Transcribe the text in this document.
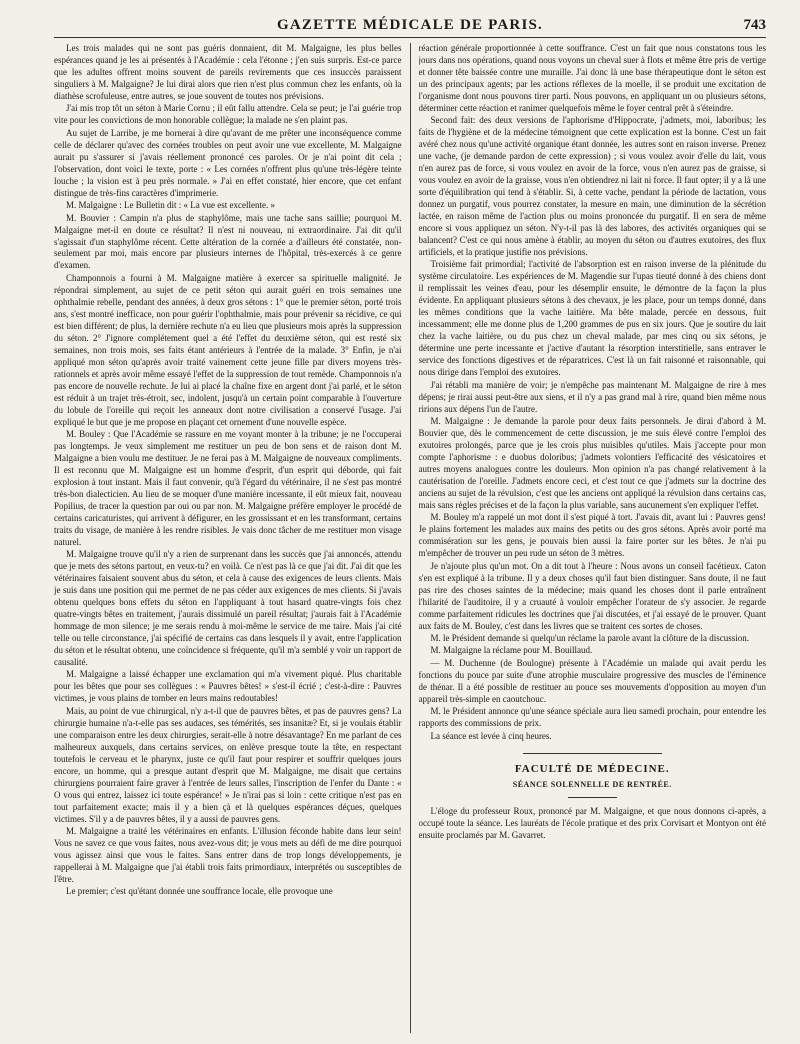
GAZETTE MÉDICALE DE PARIS.	743

Les trois malades qui ne sont pas guéris donnaient, dit M. Malgaigne, les plus belles espérances quand je les ai présentés à l'Académie : cela l'étonne ; j'en suis surpris. Est-ce parce que les adultes offrent moins souvent de pareils revirements que ces insuccès paraissent singuliers à M. Malgaigne? Je lui dirai alors que rien n'est plus commun chez les enfants, où la diathèse scrofuleuse, entre autres, se joue souvent de toutes nos prévisions.

J'ai mis trop tôt un séton à Marie Cornu ; il eût fallu attendre. Cela se peut; je l'ai guérie trop vite pour les convictions de mon honorable collègue; la malade ne s'en plaint pas.

Au sujet de Larribe, je me bornerai à dire qu'avant de me prêter une inconséquence comme celle de déclarer qu'avec des cornées troubles on peut avoir une vue excellente, M. Malgaigne aurait pu s'assurer si j'avais réellement prononcé ces paroles. Or je n'ai point dit cela ; l'observation, dont voici le texte, porte : « Les cornées n'offrent plus qu'une très-légère teinte louche ; la vision est à peu près normale. » J'ai en effet constaté, hier encore, que cet enfant distingue de très-fins caractères d'imprimerie.

M. Malgaigne : Le Bulletin dit : « La vue est excellente. »

M. Bouvier : Campin n'a plus de staphylôme, mais une tache sans saillie; pourquoi M. Malgaigne met-il en doute ce résultat? Il n'est ni nouveau, ni extraordinaire. J'ai dit qu'il s'agissait d'un staphylôme récent. Cette altération de la cornée a d'ailleurs été constatée, non-seulement par moi, mais encore par plusieurs internes de l'hôpital, très-exercés à ce genre d'examen.

Champonnois a fourni à M. Malgaigne matière à exercer sa spirituelle malignité. Je répondrai simplement, au sujet de ce petit séton qui aurait guéri en trois semaines une ophthalmie rebelle, pendant des années, à deux gros sétons : 1° que le premier séton, porté trois ans, s'est montré inefficace, non pour guérir l'ophthalmie, mais pour prévenir sa récidive, ce qui est bien différent; de plus, la dernière rechute n'a eu lieu que plusieurs mois après la suppression du séton. 2° J'ignore complétement quel a été l'effet du deuxième séton, qui est resté six semaines, non trois mois, ses faits étant antérieurs à l'entrée de la malade. 3° Enfin, je n'ai appliqué mon séton qu'après avoir traité vainement cette jeune fille par divers moyens très-rationnels et après avoir même essayé l'effet de la suppression de tout remède. Champonnois n'a pas encore de nouvelle rechute. Je lui ai placé la chaîne fixe en argent dont j'ai parlé, et le séton est réduit à un trajet très-étroit, sec, indolent, jusqu'à un certain point comparable à l'ouverture du lobule de l'oreille qui reçoit les anneaux dont notre civilisation a conservé l'usage. J'ai expliqué le but que je me propose en plaçant cet ornement d'une nouvelle espèce.

M. Bouley : Que l'Académie se rassure en me voyant monter à la tribune; je ne l'occuperai pas longtemps. Je veux simplement me restituer un peu de bon sens et de raison dont M. Malgaigne a bien voulu me destituer. Je ne ferai pas à M. Malgaigne de nouveaux compliments. Il est reconnu que M. Malgaigne est un homme d'esprit, d'un esprit qui déborde, qui fait explosion à tout instant. Mais il faut convenir, qu'à l'égard du vétérinaire, il ne s'est pas montré très-bon dialecticien. Au lieu de se moquer d'une manière incessante, il eût mieux fait, nouveau Popilius, de tracer la question par oui ou par non. M. Malgaigne préfère employer le procédé de certains caricaturistes, qui arrivent à défigurer, en les grossissant et en les transformant, certains traits du visage, de manière à les rendre risibles. Je vais donc tâcher de me restituer mon visage naturel.

M. Malgaigne trouve qu'il n'y a rien de surprenant dans les succès que j'ai annoncés, attendu que je mets des sétons partout, en veux-tu? en voilà. Ce n'est pas là ce que j'ai dit. J'ai dit que les vétérinaires faisaient souvent abus du séton, et cela à cause des exigences de leurs clients. Mais je suis dans une position qui me permet de ne pas céder aux exigences de mes clients. Si j'avais obtenu quelques bons effets du séton en l'appliquant à tout hasard quatre-vingts fois chez quatre-vingts bêtes en traitement, j'aurais dissimulé un pareil résultat; j'aurais fait à l'Académie hommage de mon silence; je me serais rendu à moi-même le service de me taire. Mais j'ai cité telle ou telle circonstance, j'ai spécifié de certains cas dans lesquels il y avait, entre l'application du séton et le résultat obtenu, une coïncidence si fréquente, qu'il m'a semblé y voir un rapport de causalité.

M. Malgaigne a laissé échapper une exclamation qui m'a vivement piqué. Plus charitable pour les bêtes que pour ses collègues : « Pauvres bêtes! » s'est-il écrié ; c'est-à-dire : Pauvres victimes, je vous plains de tomber en leurs mains redoutables!

Mais, au point de vue chirurgical, n'y a-t-il que de pauvres bêtes, et pas de pauvres gens? La chirurgie humaine n'a-t-elle pas ses audaces, ses témérités, ses insanitæ? Et, si je voulais établir une comparaison entre les deux chirurgies, serait-elle à notre désavantage? En me parlant de ces malheureux auxquels, dans certains services, on enlève presque toute la tête, en respectant toutefois le cerveau et le pharynx, juste ce qu'il faut pour respirer et souffrir quelques jours encore, un homme, qui a presque autant d'esprit que M. Malgaigne, me disait que certains chirurgiens pourraient faire graver à l'entrée de leurs salles, l'inscription de l'enfer du Dante : « O vous qui entrez, laissez ici toute espérance! » Je n'irai pas si loin : cette critique n'est pas en tout parfaitement exacte; mais il y a bien çà et là quelques espérances déçues, quelques victimes. S'il y a de pauvres bêtes, il y a aussi de pauvres gens.

M. Malgaigne a traité les vétérinaires en enfants. L'illusion féconde habite dans leur sein! Vous ne savez ce que vous faites, nous avez-vous dit; je vous mets au défi de me dire pourquoi vous agissez ainsi que vous le faites. Sans entrer dans de trop longs développements, je rappellerai à M. Malgaigne que j'ai établi trois faits primordiaux, interprétés ou susceptibles de l'être.

Le premier; c'est qu'étant donnée une souffrance locale, elle provoque une

réaction générale proportionnée à cette souffrance. C'est un fait que nous constatons tous les jours dans nos opérations, quand nous voyons un cheval suer à flots et même être pris de vertige et donner tête baissée contre une muraille. J'ai donc là une base thérapeutique dont le séton est un des principaux agents; par les actions réflexes de la moelle, il se produit une excitation de l'organisme dont nous pouvons tirer parti. Nous pouvons, en appliquant un ou plusieurs sétons, déterminer cette réaction et ranimer quelquefois même le foyer central prêt à s'éteindre.

Second fait: des deux versions de l'aphorisme d'Hippocrate, j'admets, moi, laboribus; les faits de l'hygiène et de la médecine témoignent que cette explication est la bonne. C'est un fait avéré chez nous qu'une activité organique étant donnée, les autres sont en raison inverse. Prenez une vache, (je demande pardon de cette expression) ; si vous voulez avoir d'elle du lait, vous n'en aurez pas de force, si vous voulez en avoir de la force, vous n'en aurez pas de graisse, si vous voulez en avoir de la graisse, vous n'en obtiendrez ni lait ni force. Il faut opter; il y a là une sorte d'équilibration qui tend à s'établir. Si, à cette vache, pendant la période de lactation, vous donnez un purgatif, vous pourrez constater, la mesure en main, une diminution de la sécrétion lactée, en raison même de l'action plus ou moins prononcée du purgatif. Il en sera de même encore si vous appliquez un séton. N'y-t-il pas là des labores, des activités organiques qui se balancent? C'est ce qui nous amène à établir, au moyen du séton ou d'autres exutoires, des flux artificiels, et la pratique justifie nos prévisions.

Troisième fait primordial; l'activité de l'absorption est en raison inverse de la plénitude du système circulatoire. Les expériences de M. Magendie sur l'upas tieuté donné à des chiens dont il remplissait les veines d'eau, pour les désemplir ensuite, le démontre de la façon la plus évidente. En appliquant plusieurs sétons à des chevaux, je les place, pour un temps donné, dans les mêmes conditions que la vache laitière. Ma bête malade, percée en dessous, fuit incessamment; elle me donne plus de 1,200 grammes de pus en six jours. Que je soutire du lait chez la vache laitière, ou du pus chez un cheval malade, par mes cinq ou six sétons, je détermine une perte incessante et j'active d'autant la résorption interstitielle, sans entraver le service des fonctions digestives et de réparatrices. C'est là un fait raisonné et raisonnable, qui nous dirige dans l'emploi des exutoires.

J'ai rétabli ma manière de voir; je n'empêche pas maintenant M. Malgaigne de rire à mes dépens; je rirai aussi peut-être aux siens, et il n'y a pas grand mal à rire, quand bien même nous ririons aux dépens l'un de l'autre.

M. Malgaigne : Je demande la parole pour deux faits personnels. Je dirai d'abord à M. Bouvier que, dès le commencement de cette discussion, je me suis élevé contre l'emploi des exutoires prolongés, parce que je les crois plus nuisibles qu'utiles. Mais j'accepte pour mon compte l'aphorisme : e duobus doloribus; j'admets volontiers l'efficacité des vésicatoires et autres moyens analogues contre les douleurs. Mon opinion n'a pas changé relativement à la cautérisation de l'oreille. J'admets encore ceci, et c'est tout ce que j'admets sur la doctrine des anciens au sujet de la révulsion, c'est que les anciens ont appliqué la révulsion dans certains cas, mais sans règles précises et de la façon la plus variable, sans aucunement s'en expliquer l'effet.

M. Bouley m'a rappelé un mot dont il s'est piqué à tort. J'avais dit, avant lui : Pauvres gens! Je plains fortement les malades aux mains des petits ou des gros sétons. Après avoir porté ma commisération sur les gens, je pouvais bien aussi la faire porter sur les bêtes. Je n'ai pu m'empêcher de trouver un peu rude un séton de 3 mètres.

Je n'ajoute plus qu'un mot. On a dit tout à l'heure : Nous avons un conseil facétieux. Caton s'en est expliqué à la tribune. Il y a deux choses qu'il faut bien distinguer. Sans doute, il ne faut pas rire des choses saintes de la médecine; mais quand les choses dont il parle entraînent l'hilarité de l'auditoire, il y a cruauté à vouloir empêcher l'orateur de s'y associer. Je regarde comme parfaitement ridicules les doctrines que j'ai discutées, et j'ai essayé de le prouver. Quant aux faits de M. Bouley, c'est dans les livres que se traitent ces sortes de choses.

M. le Président demande si quelqu'un réclame la parole avant la clôture de la discussion.

M. Malgaigne la réclame pour M. Bouillaud.

— M. Duchenne (de Boulogne) présente à l'Académie un malade qui avait perdu les fonctions du pouce par suite d'une atrophie musculaire progressive des muscles de l'éminence de thénar. Il a été possible de restituer au pouce ses mouvements d'opposition au moyen d'un appareil très-simple en caoutchouc.

M. le Président annonce qu'une séance spéciale aura lieu samedi prochain, pour entendre les rapports des commissions de prix.

La séance est levée à cinq heures.

FACULTÉ DE MÉDECINE.
SÉANCE SOLENNELLE DE RENTRÉE.

L'éloge du professeur Roux, prononcé par M. Malgaigne, et que nous donnons ci-après, a occupé toute la séance. Les lauréats de l'école pratique et des prix Corvisart et Montyon ont été ensuite proclamés par M. Gavarret.
